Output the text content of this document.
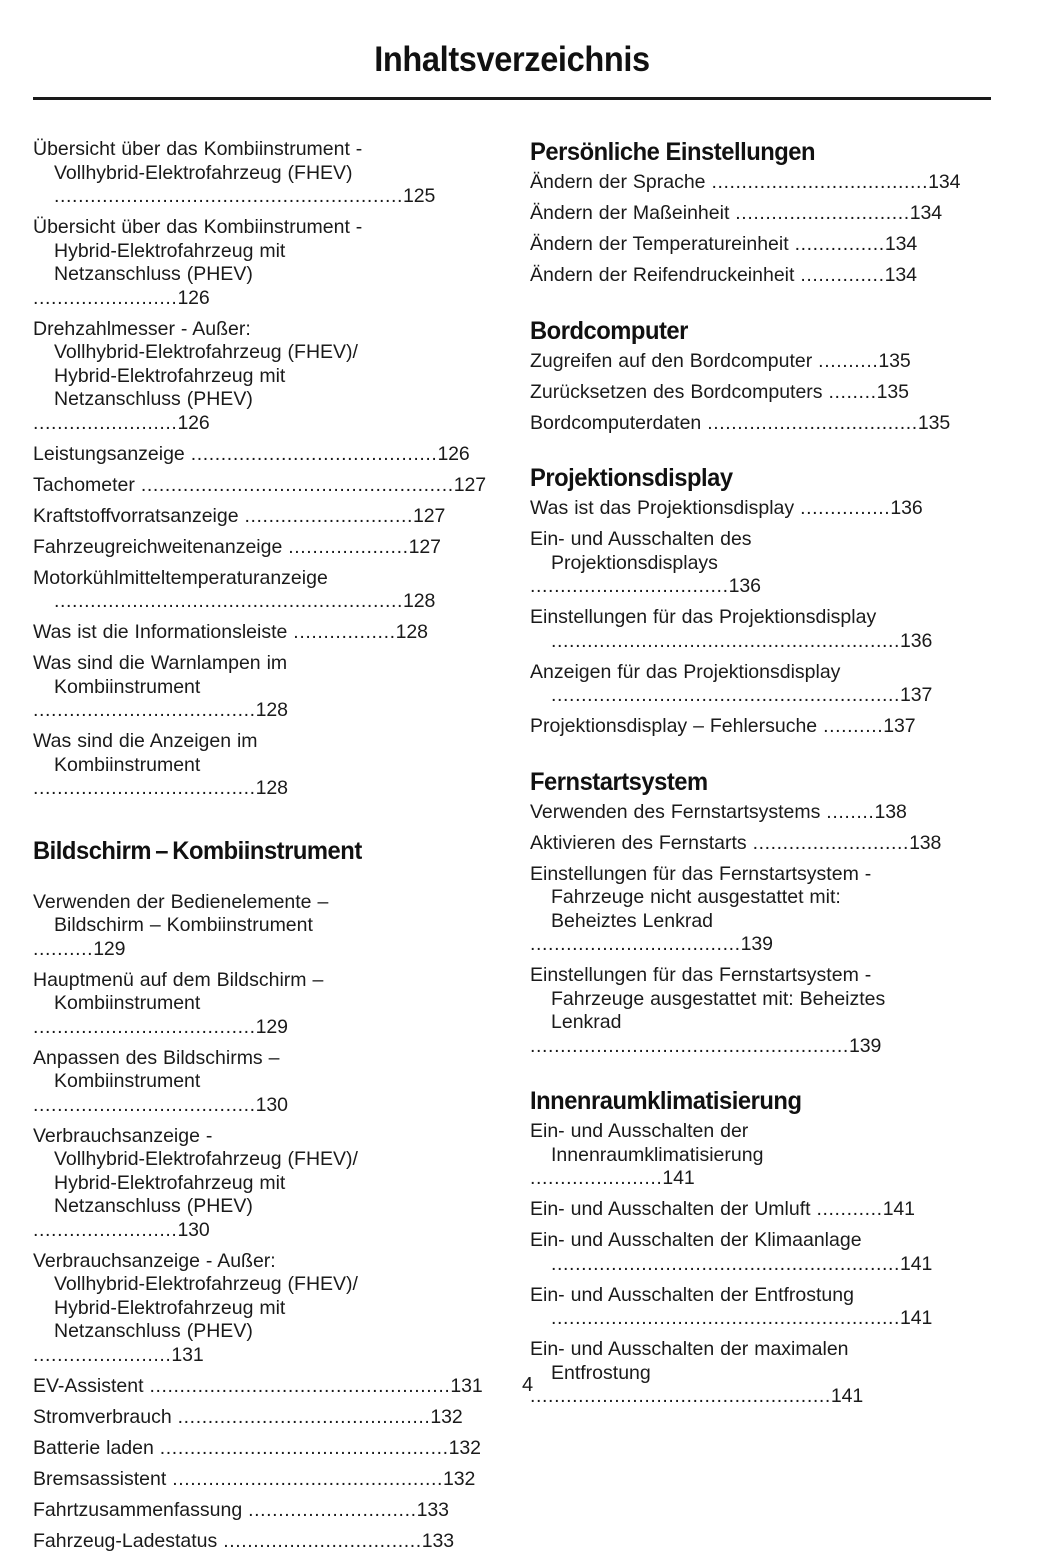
Inhaltsverzeichnis
Übersicht über das Kombiinstrument -
Vollhybrid-Elektrofahrzeug (FHEV)
..........................................................125
Übersicht über das Kombiinstrument -
Hybrid-Elektrofahrzeug mit
Netzanschluss (PHEV)
........................126
Drehzahlmesser - Außer:
Vollhybrid-Elektrofahrzeug (FHEV)/
Hybrid-Elektrofahrzeug mit
Netzanschluss (PHEV)
........................126
Leistungsanzeige .........................................126
Tachometer ....................................................127
Kraftstoffvorratsanzeige ............................127
Fahrzeugreichweitenanzeige ....................127
Motorkühlmitteltemperaturanzeige
..........................................................128
Was ist die Informationsleiste .................128
Was sind die Warnlampen im
Kombiinstrument
.....................................128
Was sind die Anzeigen im
Kombiinstrument
.....................................128
Bildschirm – Kombiinstrument
Verwenden der Bedienelemente –
Bildschirm – Kombiinstrument
..........129
Hauptmenü auf dem Bildschirm –
Kombiinstrument
.....................................129
Anpassen des Bildschirms –
Kombiinstrument
.....................................130
Verbrauchsanzeige -
Vollhybrid-Elektrofahrzeug (FHEV)/
Hybrid-Elektrofahrzeug mit
Netzanschluss (PHEV)
........................130
Verbrauchsanzeige - Außer:
Vollhybrid-Elektrofahrzeug (FHEV)/
Hybrid-Elektrofahrzeug mit
Netzanschluss (PHEV)
.......................131
EV-Assistent ..................................................131
Stromverbrauch ..........................................132
Batterie laden ................................................132
Bremsassistent .............................................132
Fahrtzusammenfassung ............................133
Fahrzeug-Ladestatus .................................133
Persönliche Einstellungen
Ändern der Sprache ....................................134
Ändern der Maßeinheit .............................134
Ändern der Temperatureinheit ...............134
Ändern der Reifendruckeinheit ..............134
Bordcomputer
Zugreifen auf den Bordcomputer ..........135
Zurücksetzen des Bordcomputers ........135
Bordcomputerdaten ...................................135
Projektionsdisplay
Was ist das Projektionsdisplay ...............136
Ein- und Ausschalten des
Projektionsdisplays
.................................136
Einstellungen für das Projektionsdisplay
..........................................................136
Anzeigen für das Projektionsdisplay
..........................................................137
Projektionsdisplay – Fehlersuche ..........137
Fernstartsystem
Verwenden des Fernstartsystems ........138
Aktivieren des Fernstarts ..........................138
Einstellungen für das Fernstartsystem -
Fahrzeuge nicht ausgestattet mit:
Beheiztes Lenkrad
...................................139
Einstellungen für das Fernstartsystem -
Fahrzeuge ausgestattet mit: Beheiztes
Lenkrad
.....................................................139
Innenraumklimatisierung
Ein- und Ausschalten der
Innenraumklimatisierung
......................141
Ein- und Ausschalten der Umluft ...........141
Ein- und Ausschalten der Klimaanlage
..........................................................141
Ein- und Ausschalten der Entfrostung
..........................................................141
Ein- und Ausschalten der maximalen
Entfrostung
..................................................141
4
